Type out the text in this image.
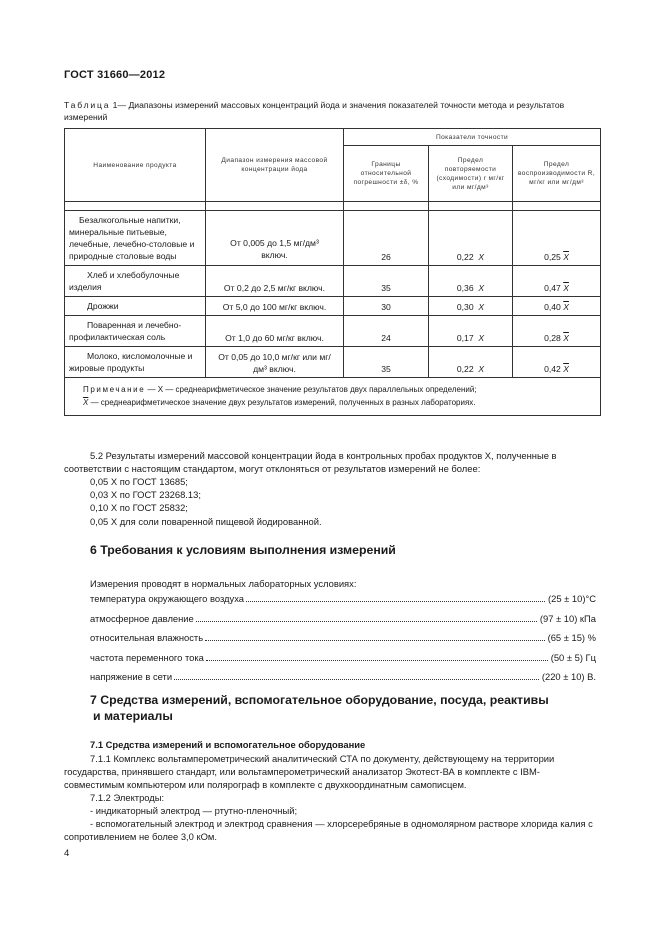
ГОСТ 31660—2012
Таблица 1— Диапазоны измерений массовых концентраций йода и значения показателей точности метода и результатов измерений
Наименование продукта	Диапазон измерения массовой концентрации йода	Показатели точности		
		Границы относительной погрешности ±δ, %	Предел повторяемости (сходимости) r мг/кг или мг/дм³	Предел воспроизводимости R, мг/кг или мг/дм³

Безалкогольные напитки, минеральные питьевые, лечебные, лечебно-столовые и природные столовые воды	От 0,005 до 1,5 мг/дм³ включ.	26	0,22 X	0,25 $\overline{X}$
Хлеб и хлебобулочные изделия	От 0,2 до 2,5 мг/кг включ.	35	0,36 X	0,47 $\overline{X}$
Дрожжи	От 5,0 до 100 мг/кг включ.	30	0,30 X	0,40 $\overline{X}$
Поваренная и лечебно-профилактическая соль	От 1,0 до 60 мг/кг включ.	24	0,17 X	0,28 $\overline{X}$
Молоко, кисломолочные и жировые продукты	От 0,05 до 10,0 мг/кг или мг/дм³ включ.	35	0,22 X	0,42 $\overline{X}$

Примечание — X — среднеарифметическое значение результатов двух параллельных определений;
$\overline{X}$ — среднеарифметическое значение двух результатов измерений, полученных в разных лабораториях.				
5.2 Результаты измерений массовой концентрации йода в контрольных пробах продуктов X, полученные в соответствии с настоящим стандартом, могут отклоняться от результатов измерений не более:
0,05 X по ГОСТ 13685;
0,03 X по ГОСТ 23268.13;
0,10 X по ГОСТ 25832;
0,05 X для соли поваренной пищевой йодированной.
6 Требования к условиям выполнения измерений
Измерения проводят в нормальных лабораторных условиях:
температура окружающего воздуха	(25 ± 10)°C
атмосферное давление	(97 ± 10) кПа
относительная влажность	(65 ± 15) %
частота переменного тока	(50 ± 5) Гц
напряжение в сети	(220 ± 10) В.
7 Средства измерений, вспомогательное оборудование, посуда, реактивы
и материалы
7.1 Средства измерений и вспомогательное оборудование
7.1.1 Комплекс вольтамперометрический аналитический СТА по документу, действующему на территории государства, принявшего стандарт, или вольтамперометрический анализатор Экотест-ВА в комплекте с IBM-совместимым компьютером или полярограф в комплекте с двухкоординатным самописцем.
7.1.2 Электроды:
- индикаторный электрод — ртутно-пленочный;
- вспомогательный электрод и электрод сравнения — хлорсеребряные в одномолярном растворе хлорида калия с сопротивлением не более 3,0 кОм.
4
